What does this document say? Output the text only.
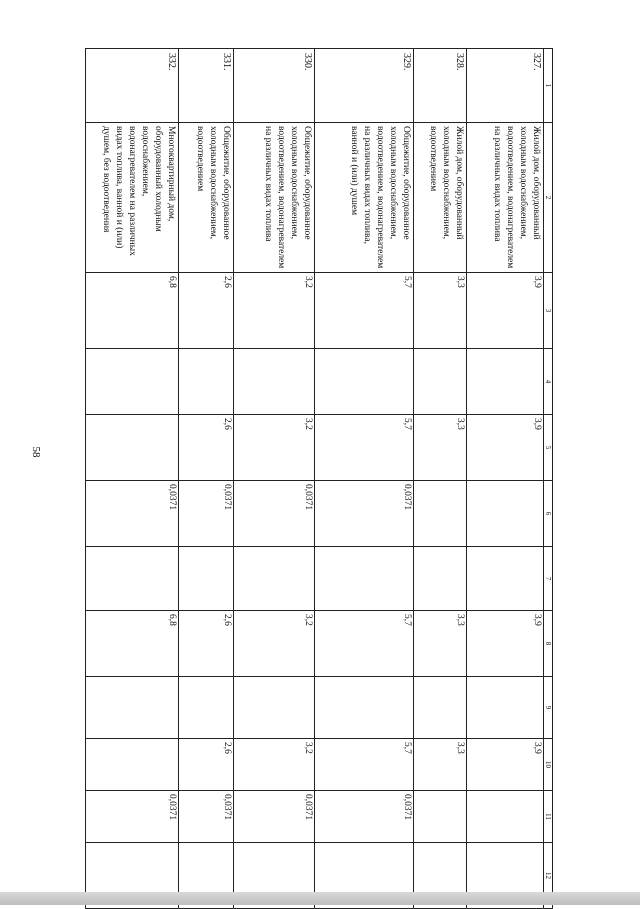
58
1	2	3	4	5	6	7	8	9	10	11	12
327.	Жилой дом, оборудованный холодным водоснабжением, водоотведением, водонагревателем на различных видах топлива	3,9		3,9			3,9		3,9		
328.	Жилой дом, оборудованный холодным водоснабжением, водоотведением	3,3		3,3			3,3		3,3		
329.	Общежитие, оборудованное холодным водоснабжением, водоотведением, водонагревателем на различных видах топлива, ванной и (или) душем	5,7		5,7	0,0371		5,7		5,7	0,0371	
330.	Общежитие, оборудованное холодным водоснабжением, водоотведением, водонагревателем на различных видах топлива	3,2		3,2	0,0371		3,2		3,2	0,0371	
331.	Общежитие, оборудованное холодным водоснабжением, водоотведением	2,6		2,6	0,0371		2,6		2,6	0,0371	
332.	Многоквартирный дом, оборудованный холодным водоснабжением, водонагревателем на различных видах топлива, ванной и (или) душем, без водоотведения	6,8			0,0371		6,8			0,0371	
